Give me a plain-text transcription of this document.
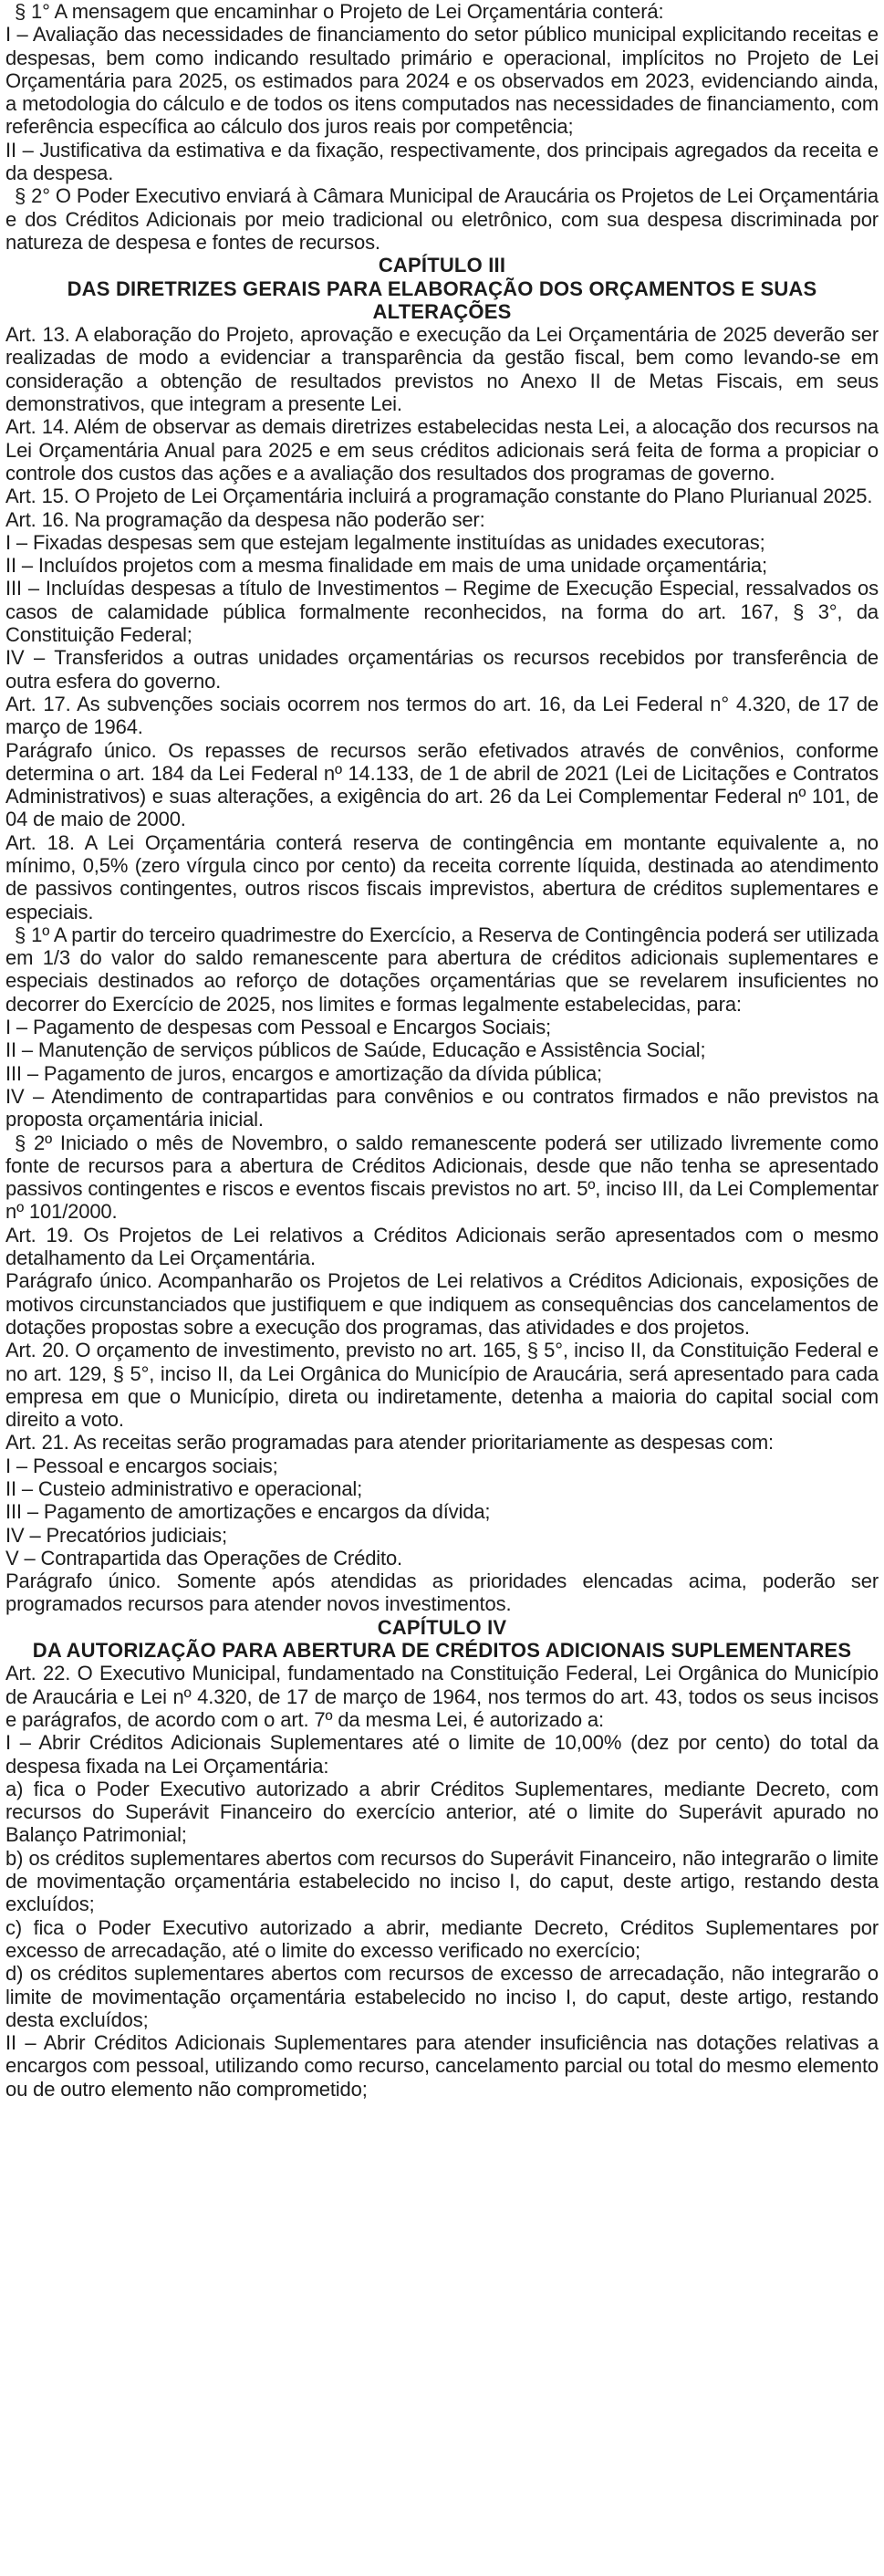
§ 1° A mensagem que encaminhar o Projeto de Lei Orçamentária conterá:

I – Avaliação das necessidades de financiamento do setor público municipal explicitando receitas e despesas, bem como indicando resultado primário e operacional, implícitos no Projeto de Lei Orçamentária para 2025, os estimados para 2024 e os observados em 2023, evidenciando ainda, a metodologia do cálculo e de todos os itens computados nas necessidades de financiamento, com referência específica ao cálculo dos juros reais por competência;

II – Justificativa da estimativa e da fixação, respectivamente, dos principais agregados da receita e da despesa.

§ 2° O Poder Executivo enviará à Câmara Municipal de Araucária os Projetos de Lei Orçamentária e dos Créditos Adicionais por meio tradicional ou eletrônico, com sua despesa discriminada por natureza de despesa e fontes de recursos.

CAPÍTULO III

DAS DIRETRIZES GERAIS PARA ELABORAÇÃO DOS ORÇAMENTOS E SUAS ALTERAÇÕES

Art. 13. A elaboração do Projeto, aprovação e execução da Lei Orçamentária de 2025 deverão ser realizadas de modo a evidenciar a transparência da gestão fiscal, bem como levando-se em consideração a obtenção de resultados previstos no Anexo II de Metas Fiscais, em seus demonstrativos, que integram a presente Lei.

Art. 14. Além de observar as demais diretrizes estabelecidas nesta Lei, a alocação dos recursos na Lei Orçamentária Anual para 2025 e em seus créditos adicionais será feita de forma a propiciar o controle dos custos das ações e a avaliação dos resultados dos programas de governo.

Art. 15. O Projeto de Lei Orçamentária incluirá a programação constante do Plano Plurianual 2025.

Art. 16. Na programação da despesa não poderão ser:

I – Fixadas despesas sem que estejam legalmente instituídas as unidades executoras;

II – Incluídos projetos com a mesma finalidade em mais de uma unidade orçamentária;

III – Incluídas despesas a título de Investimentos – Regime de Execução Especial, ressalvados os casos de calamidade pública formalmente reconhecidos, na forma do art. 167, § 3°, da Constituição Federal;

IV – Transferidos a outras unidades orçamentárias os recursos recebidos por transferência de outra esfera do governo.

Art. 17. As subvenções sociais ocorrem nos termos do art. 16, da Lei Federal n° 4.320, de 17 de março de 1964.

Parágrafo único. Os repasses de recursos serão efetivados através de convênios, conforme determina o art. 184 da Lei Federal nº 14.133, de 1 de abril de 2021 (Lei de Licitações e Contratos Administrativos) e suas alterações, a exigência do art. 26 da Lei Complementar Federal nº 101, de 04 de maio de 2000.

Art. 18. A Lei Orçamentária conterá reserva de contingência em montante equivalente a, no mínimo, 0,5% (zero vírgula cinco por cento) da receita corrente líquida, destinada ao atendimento de passivos contingentes, outros riscos fiscais imprevistos, abertura de créditos suplementares e especiais.

§ 1º A partir do terceiro quadrimestre do Exercício, a Reserva de Contingência poderá ser utilizada em 1/3 do valor do saldo remanescente para abertura de créditos adicionais suplementares e especiais destinados ao reforço de dotações orçamentárias que se revelarem insuficientes no decorrer do Exercício de 2025, nos limites e formas legalmente estabelecidas, para:

I – Pagamento de despesas com Pessoal e Encargos Sociais;

II – Manutenção de serviços públicos de Saúde, Educação e Assistência Social;

III – Pagamento de juros, encargos e amortização da dívida pública;

IV – Atendimento de contrapartidas para convênios e ou contratos firmados e não previstos na proposta orçamentária inicial.

§ 2º Iniciado o mês de Novembro, o saldo remanescente poderá ser utilizado livremente como fonte de recursos para a abertura de Créditos Adicionais, desde que não tenha se apresentado passivos contingentes e riscos e eventos fiscais previstos no art. 5º, inciso III, da Lei Complementar nº 101/2000.

Art. 19. Os Projetos de Lei relativos a Créditos Adicionais serão apresentados com o mesmo detalhamento da Lei Orçamentária.

Parágrafo único. Acompanharão os Projetos de Lei relativos a Créditos Adicionais, exposições de motivos circunstanciados que justifiquem e que indiquem as consequências dos cancelamentos de dotações propostas sobre a execução dos programas, das atividades e dos projetos.

Art. 20. O orçamento de investimento, previsto no art. 165, § 5°, inciso II, da Constituição Federal e no art. 129, § 5°, inciso II, da Lei Orgânica do Município de Araucária, será apresentado para cada empresa em que o Município, direta ou indiretamente, detenha a maioria do capital social com direito a voto.

Art. 21. As receitas serão programadas para atender prioritariamente as despesas com:

I – Pessoal e encargos sociais;

II – Custeio administrativo e operacional;

III – Pagamento de amortizações e encargos da dívida;

IV – Precatórios judiciais;

V – Contrapartida das Operações de Crédito.

Parágrafo único. Somente após atendidas as prioridades elencadas acima, poderão ser programados recursos para atender novos investimentos.

CAPÍTULO IV

DA AUTORIZAÇÃO PARA ABERTURA DE CRÉDITOS ADICIONAIS SUPLEMENTARES

Art. 22. O Executivo Municipal, fundamentado na Constituição Federal, Lei Orgânica do Município de Araucária e Lei nº 4.320, de 17 de março de 1964, nos termos do art. 43, todos os seus incisos e parágrafos, de acordo com o art. 7º da mesma Lei, é autorizado a:

I – Abrir Créditos Adicionais Suplementares até o limite de 10,00% (dez por cento) do total da despesa fixada na Lei Orçamentária:

a) fica o Poder Executivo autorizado a abrir Créditos Suplementares, mediante Decreto, com recursos do Superávit Financeiro do exercício anterior, até o limite do Superávit apurado no Balanço Patrimonial;

b) os créditos suplementares abertos com recursos do Superávit Financeiro, não integrarão o limite de movimentação orçamentária estabelecido no inciso I, do caput, deste artigo, restando desta excluídos;

c) fica o Poder Executivo autorizado a abrir, mediante Decreto, Créditos Suplementares por excesso de arrecadação, até o limite do excesso verificado no exercício;

d) os créditos suplementares abertos com recursos de excesso de arrecadação, não integrarão o limite de movimentação orçamentária estabelecido no inciso I, do caput, deste artigo, restando desta excluídos;

II – Abrir Créditos Adicionais Suplementares para atender insuficiência nas dotações relativas a encargos com pessoal, utilizando como recurso, cancelamento parcial ou total do mesmo elemento ou de outro elemento não comprometido;
